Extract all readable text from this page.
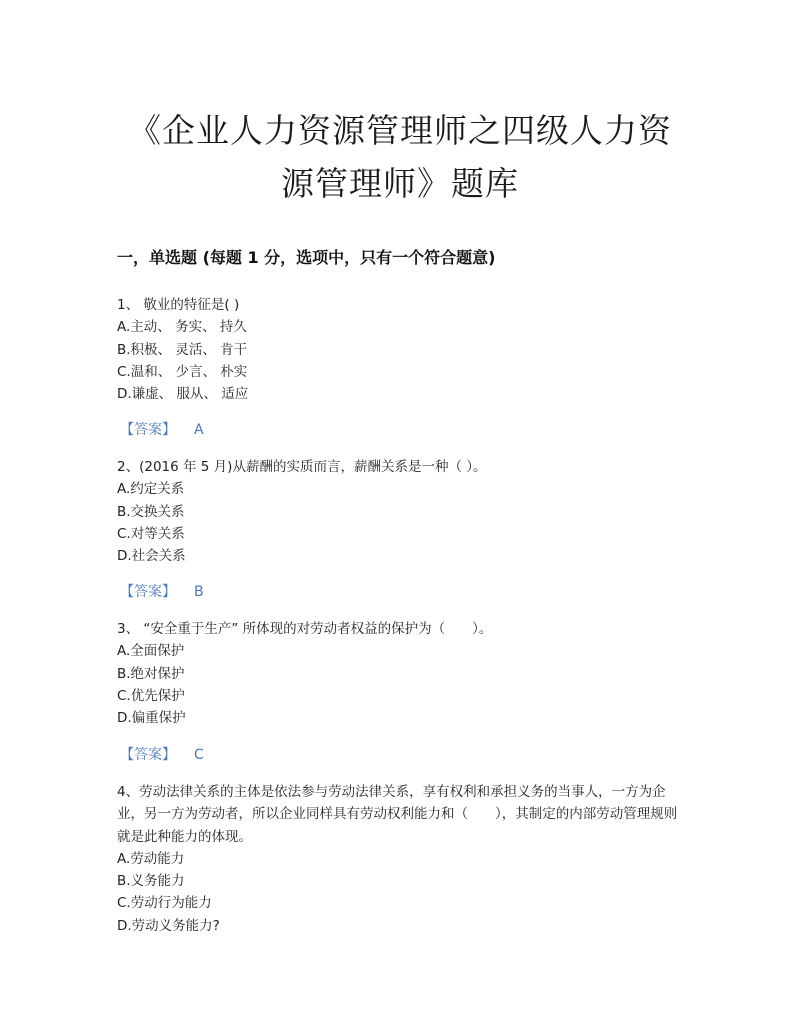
《企业人力资源管理师之四级人力资
源管理师》题库
一，单选题 (每题 1 分，选项中，只有一个符合题意)
1、 敬业的特征是( )
A.主动、 务实、 持久
B.积极、 灵活、 肯干
C.温和、 少言、 朴实
D.谦虚、 服从、 适应
【答案】 A
2、(2016 年 5 月)从薪酬的实质而言，薪酬关系是一种（ ）。
A.约定关系
B.交换关系
C.对等关系
D.社会关系
【答案】 B
3、 “安全重于生产” 所体现的对劳动者权益的保护为（　　）。
A.全面保护
B.绝对保护
C.优先保护
D.偏重保护
【答案】 C
4、劳动法律关系的主体是依法参与劳动法律关系，享有权利和承担义务的当事人，一方为企业，另一方为劳动者，所以企业同样具有劳动权利能力和（　　），其制定的内部劳动管理规则就是此种能力的体现。
A.劳动能力
B.义务能力
C.劳动行为能力
D.劳动义务能力?
